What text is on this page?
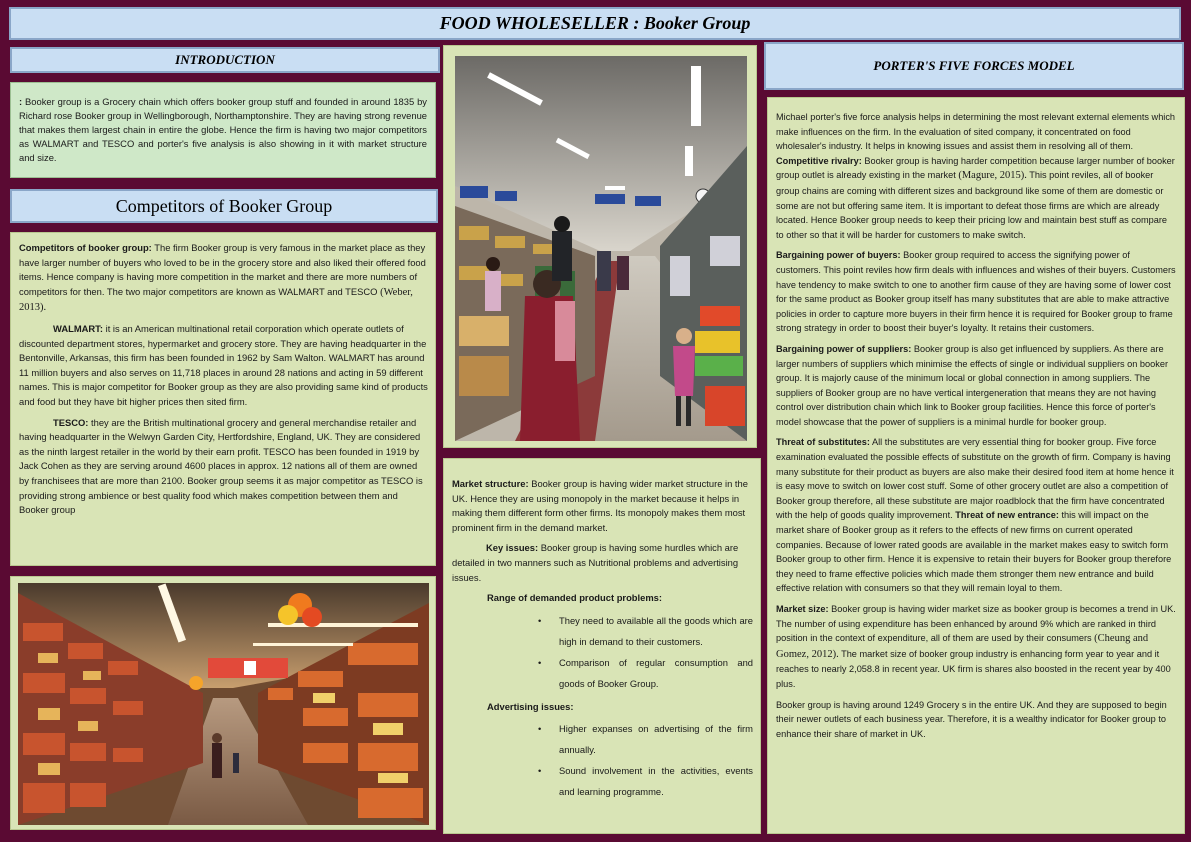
FOOD WHOLESELLER : Booker Group
INTRODUCTION
: Booker group is a Grocery chain which offers booker group stuff and founded in around 1835 by Richard rose Booker group in Wellingborough, Northamptonshire. They are having strong revenue that makes them largest chain in entire the globe. Hence the firm is having two major competitors as WALMART and TESCO and porter's five analysis is also showing in it with market structure and size.
Competitors of Booker Group

Competitors of booker group: The firm Booker group is very famous in the market place as they have larger number of buyers who loved to be in the grocery store and also liked their offered food items. Hence company is having more competition in the market and there are more numbers of competitors for then. The two major competitors are known as WALMART and TESCO (Weber, 2013).

WALMART: it is an American multinational retail corporation which operate outlets of discounted department stores, hypermarket and grocery store. They are having headquarter in the Bentonville, Arkansas, this firm has been founded in 1962 by Sam Walton. WALMART has around 11 million buyers and also serves on 11,718 places in around 28 nations and acting in 59 different names. This is major competitor for Booker group as they are also providing same kind of products and food but they have bit higher prices then sited firm.

TESCO: they are the British multinational grocery and general merchandise retailer and having headquarter in the Welwyn Garden City, Hertfordshire, England, UK. They are considered as the ninth largest retailer in the world by their earn profit. TESCO has been founded in 1919 by Jack Cohen as they are serving around 4600 places in approx. 12 nations all of them are owned by franchisees that are more than 2100. Booker group seems it as major competitor as TESCO is providing strong ambience or best quality food which makes competition between them and Booker group

Market structure: Booker group is having wider market structure in the UK. Hence they are using monopoly in the market because it helps in making them different form other firms. Its monopoly makes them most prominent firm in the demand market.

Key issues: Booker group is having some hurdles which are detailed in two manners such as Nutritional problems and advertising issues.

Range of demanded product problems:
• They need to available all the goods which are high in demand to their customers.
• Comparison of regular consumption and goods of Booker Group.
Advertising issues:
• Higher expanses on advertising of the firm annually.
• Sound involvement in the activities, events and learning programme.
PORTER'S FIVE FORCES MODEL

Michael porter's five force analysis helps in determining the most relevant external elements which make influences on the firm. In the evaluation of sited company, it concentrated on food wholesaler's industry. It helps in knowing issues and assist them in resolving all of them. Competitive rivalry: Booker group is having harder competition because larger number of booker group outlet is already existing in the market (Magure, 2015). This point reviles, all of booker group chains are coming with different sizes and background like some of them are domestic or some are not but offering same item. It is important to defeat those firms are which are already located. Hence Booker group needs to keep their pricing low and maintain best stuff as compare to other so that it will be harder for customers to make switch.

Bargaining power of buyers: Booker group required to access the signifying power of customers. This point reviles how firm deals with influences and wishes of their buyers. Customers have tendency to make switch to one to another firm cause of they are having some of lower cost for the same product as Booker group itself has many substitutes that are able to make attractive policies in order to capture more buyers in their firm hence it is required for Booker group to frame strong strategy in order to boost their buyer's loyalty. It retains their customers.

Bargaining power of suppliers: Booker group is also get influenced by suppliers. As there are larger numbers of suppliers which minimise the effects of single or individual suppliers on booker group. It is majorly cause of the minimum local or global connection in among suppliers. The suppliers of Booker group are no have vertical intergeneration that means they are not having control over distribution chain which link to Booker group facilities. Hence this force of porter's model showcase that the power of suppliers is a minimal hurdle for booker group.

Threat of substitutes: All the substitutes are very essential thing for booker group. Five force examination evaluated the possible effects of substitute on the growth of firm. Company is having many substitute for their product as buyers are also make their desired food item at home hence it is easy move to switch on lower cost stuff. Some of other grocery outlet are also a competition of Booker group therefore, all these substitute are major roadblock that the firm have concentrated with the help of goods quality improvement. Threat of new entrance: this will impact on the market share of Booker group as it refers to the effects of new firms on current operated companies. Because of lower rated goods are available in the market makes easy to switch form Booker group to other firm. Hence it is expensive to retain their buyers for Booker group therefore they need to frame effective policies which made them stronger them new entrance and build effective relation with consumers so that they will remain loyal to them.

Market size: Booker group is having wider market size as booker group is becomes a trend in UK. The number of using expenditure has been enhanced by around 9% which are ranked in third position in the context of expenditure, all of them are used by their consumers (Cheung and Gomez, 2012). The market size of booker group industry is enhancing form year to year and it reaches to nearly 2,058.8 in recent year. UK firm is shares also boosted in the recent year by 400 plus.

Booker group is having around 1249 Grocery s in the entire UK. And they are supposed to begin their newer outlets of each business year. Therefore, it is a wealthy indicator for Booker group to enhance their share of market in UK.
